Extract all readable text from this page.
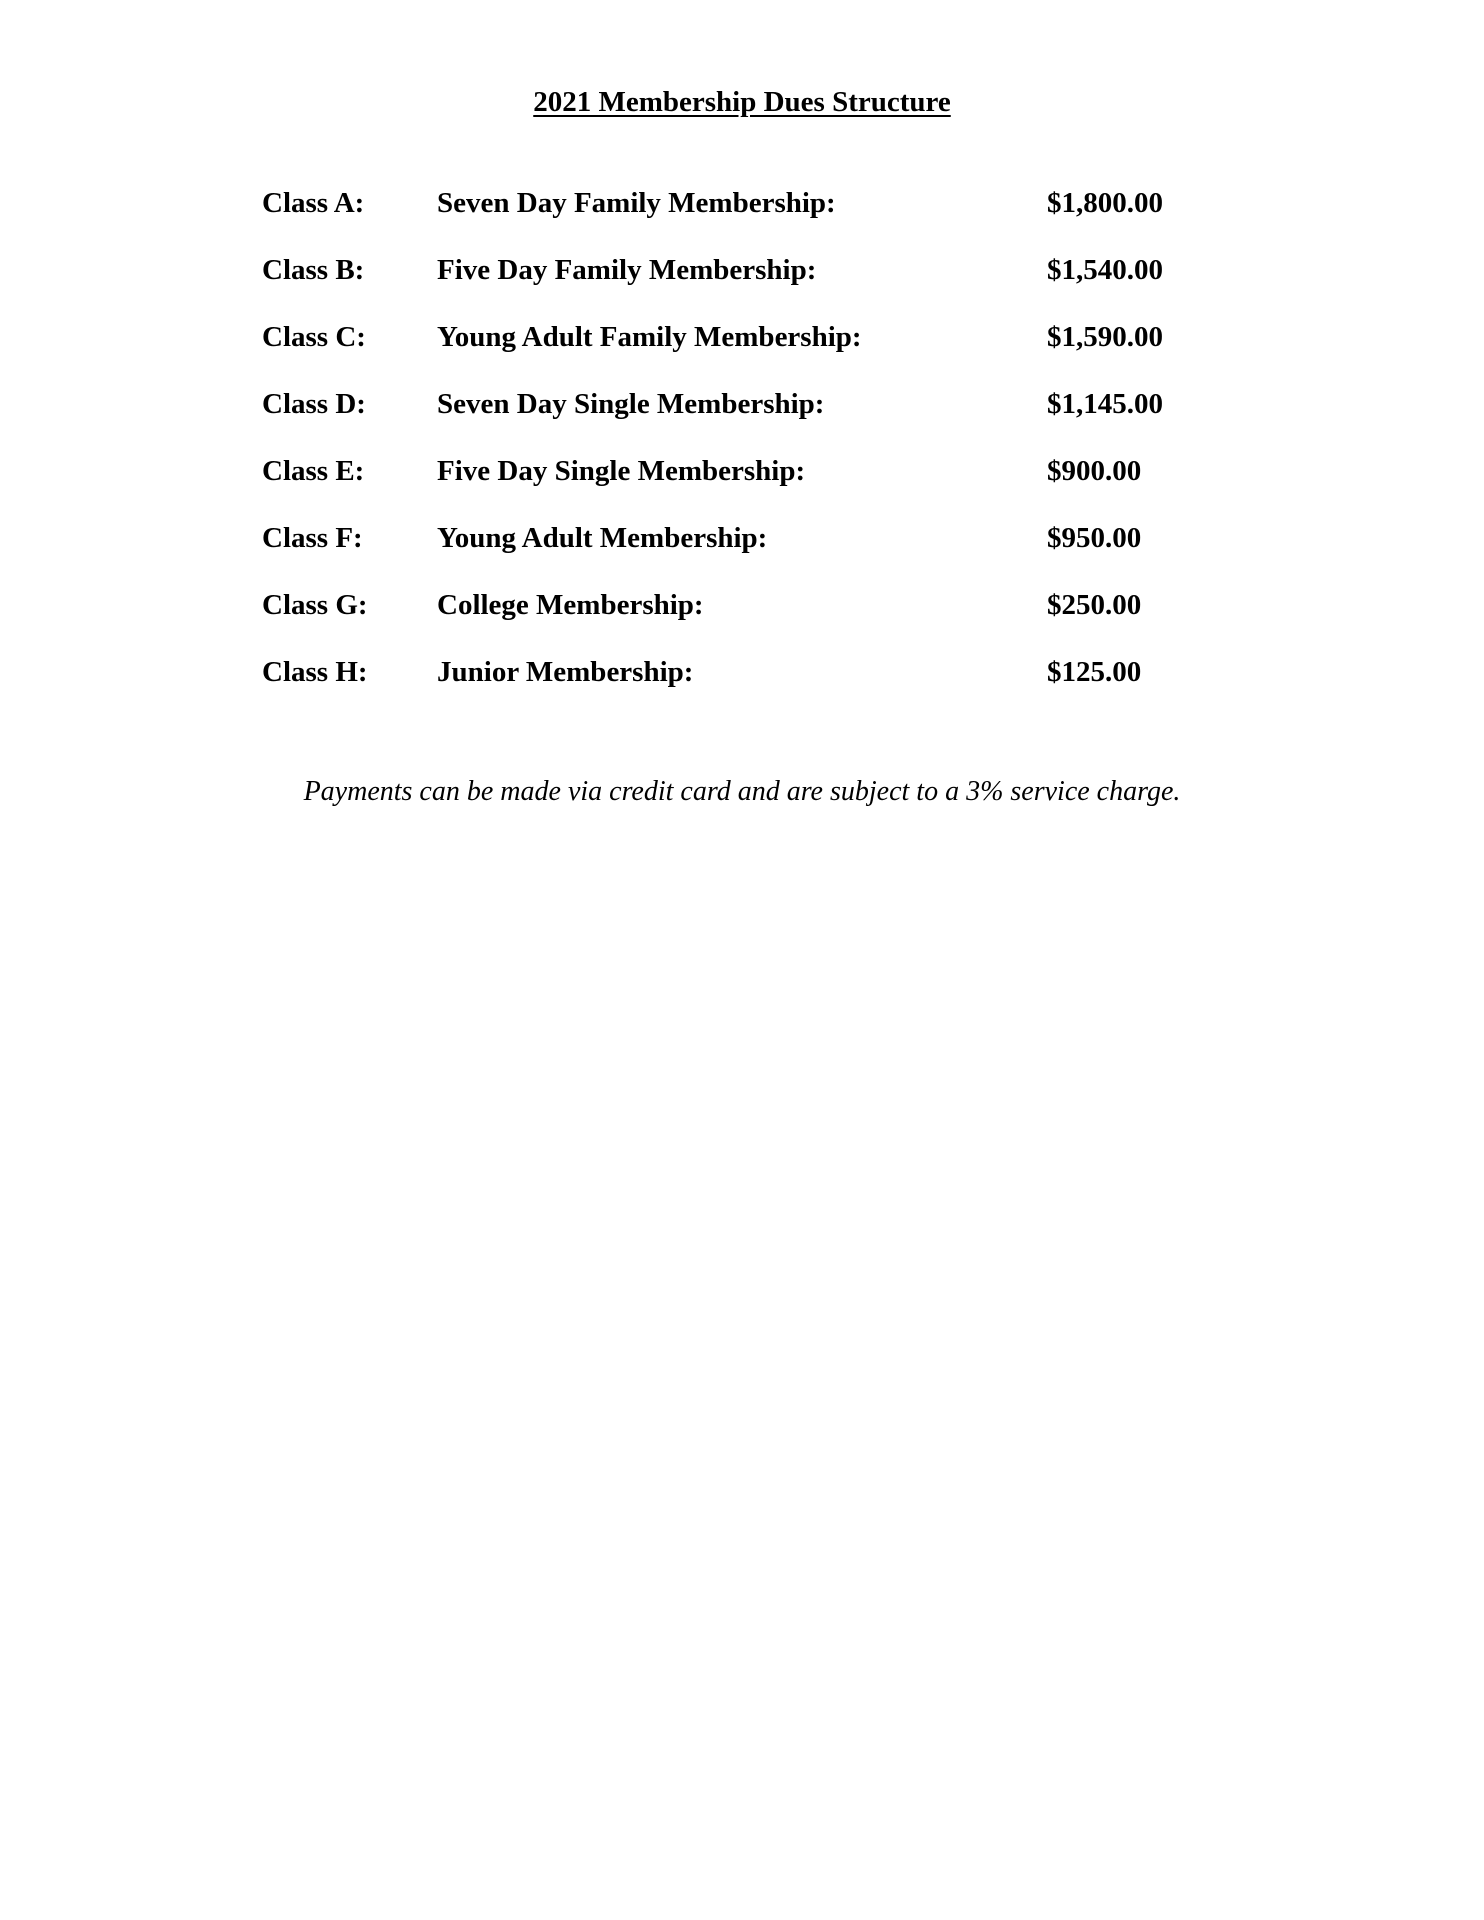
2021 Membership Dues Structure
Class A:	Seven Day Family Membership:	$1,800.00
Class B:	Five Day Family Membership:	$1,540.00
Class C: Young Adult Family Membership:	$1,590.00
Class D: Seven Day Single Membership:	$1,145.00
Class E:	Five Day Single Membership:	$900.00
Class F:	Young Adult Membership:	$950.00
Class G: College Membership:	$250.00
Class H: Junior Membership:	$125.00

Payments can be made via credit card and are subject to a 3% service charge.
